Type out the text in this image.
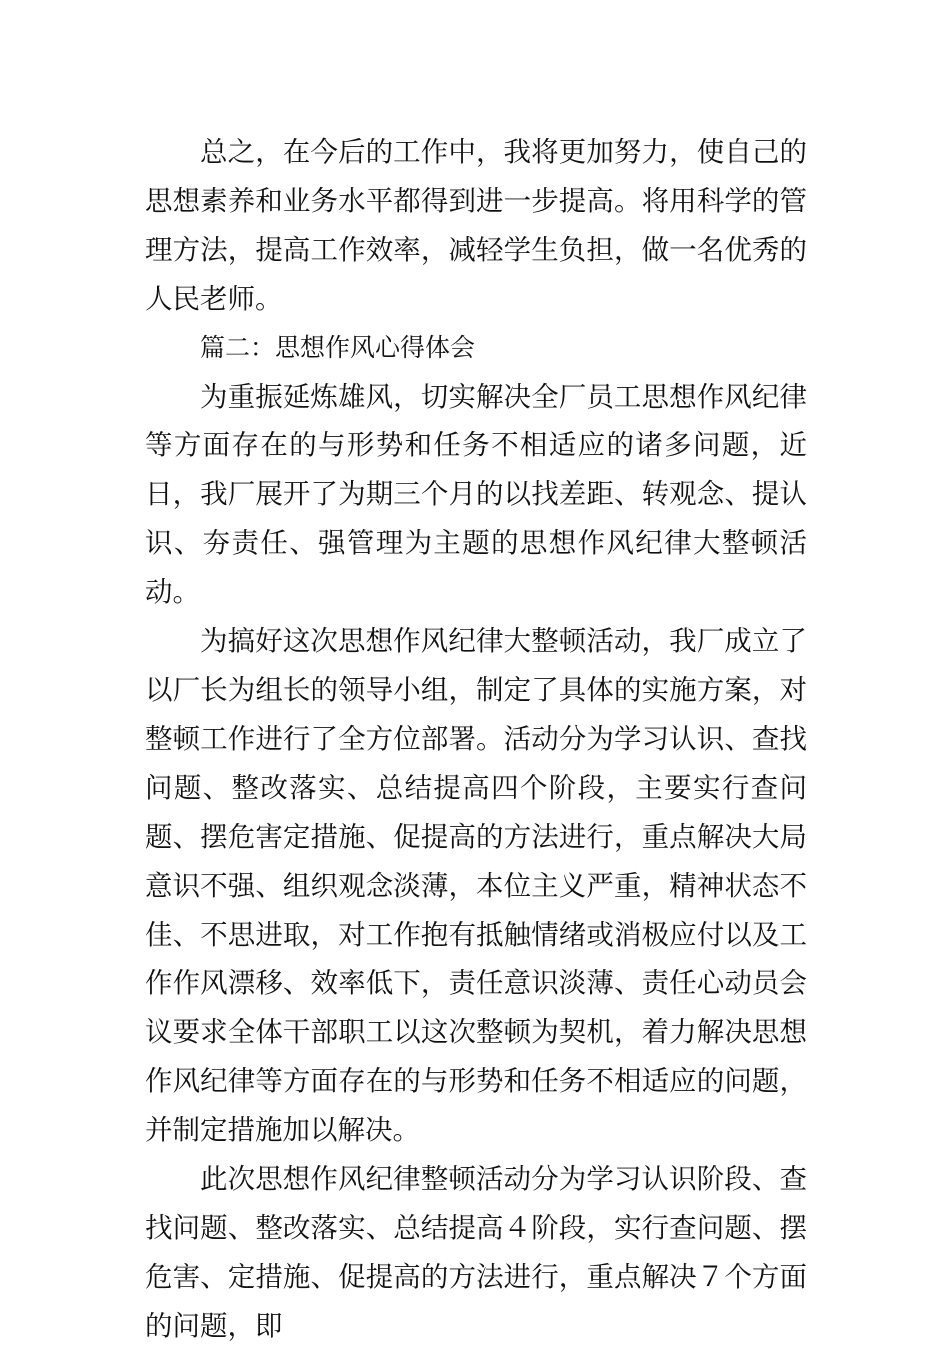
总之，在今后的工作中，我将更加努力，使自己的思想素养和业务水平都得到进一步提高。将用科学的管理方法，提高工作效率，减轻学生负担，做一名优秀的人民老师。

篇二：思想作风心得体会

为重振延炼雄风，切实解决全厂员工思想作风纪律等方面存在的与形势和任务不相适应的诸多问题，近日，我厂展开了为期三个月的以找差距、转观念、提认识、夯责任、强管理为主题的思想作风纪律大整顿活动。

为搞好这次思想作风纪律大整顿活动，我厂成立了以厂长为组长的领导小组，制定了具体的实施方案，对整顿工作进行了全方位部署。活动分为学习认识、查找问题、整改落实、总结提高四个阶段，主要实行查问题、摆危害定措施、促提高的方法进行，重点解决大局意识不强、组织观念淡薄，本位主义严重，精神状态不佳、不思进取，对工作抱有抵触情绪或消极应付以及工作作风漂移、效率低下，责任意识淡薄、责任心动员会议要求全体干部职工以这次整顿为契机，着力解决思想作风纪律等方面存在的与形势和任务不相适应的问题，并制定措施加以解决。

此次思想作风纪律整顿活动分为学习认识阶段、查找问题、整改落实、总结提高４阶段，实行查问题、摆危害、定措施、促提高的方法进行，重点解决７个方面的问题，即
